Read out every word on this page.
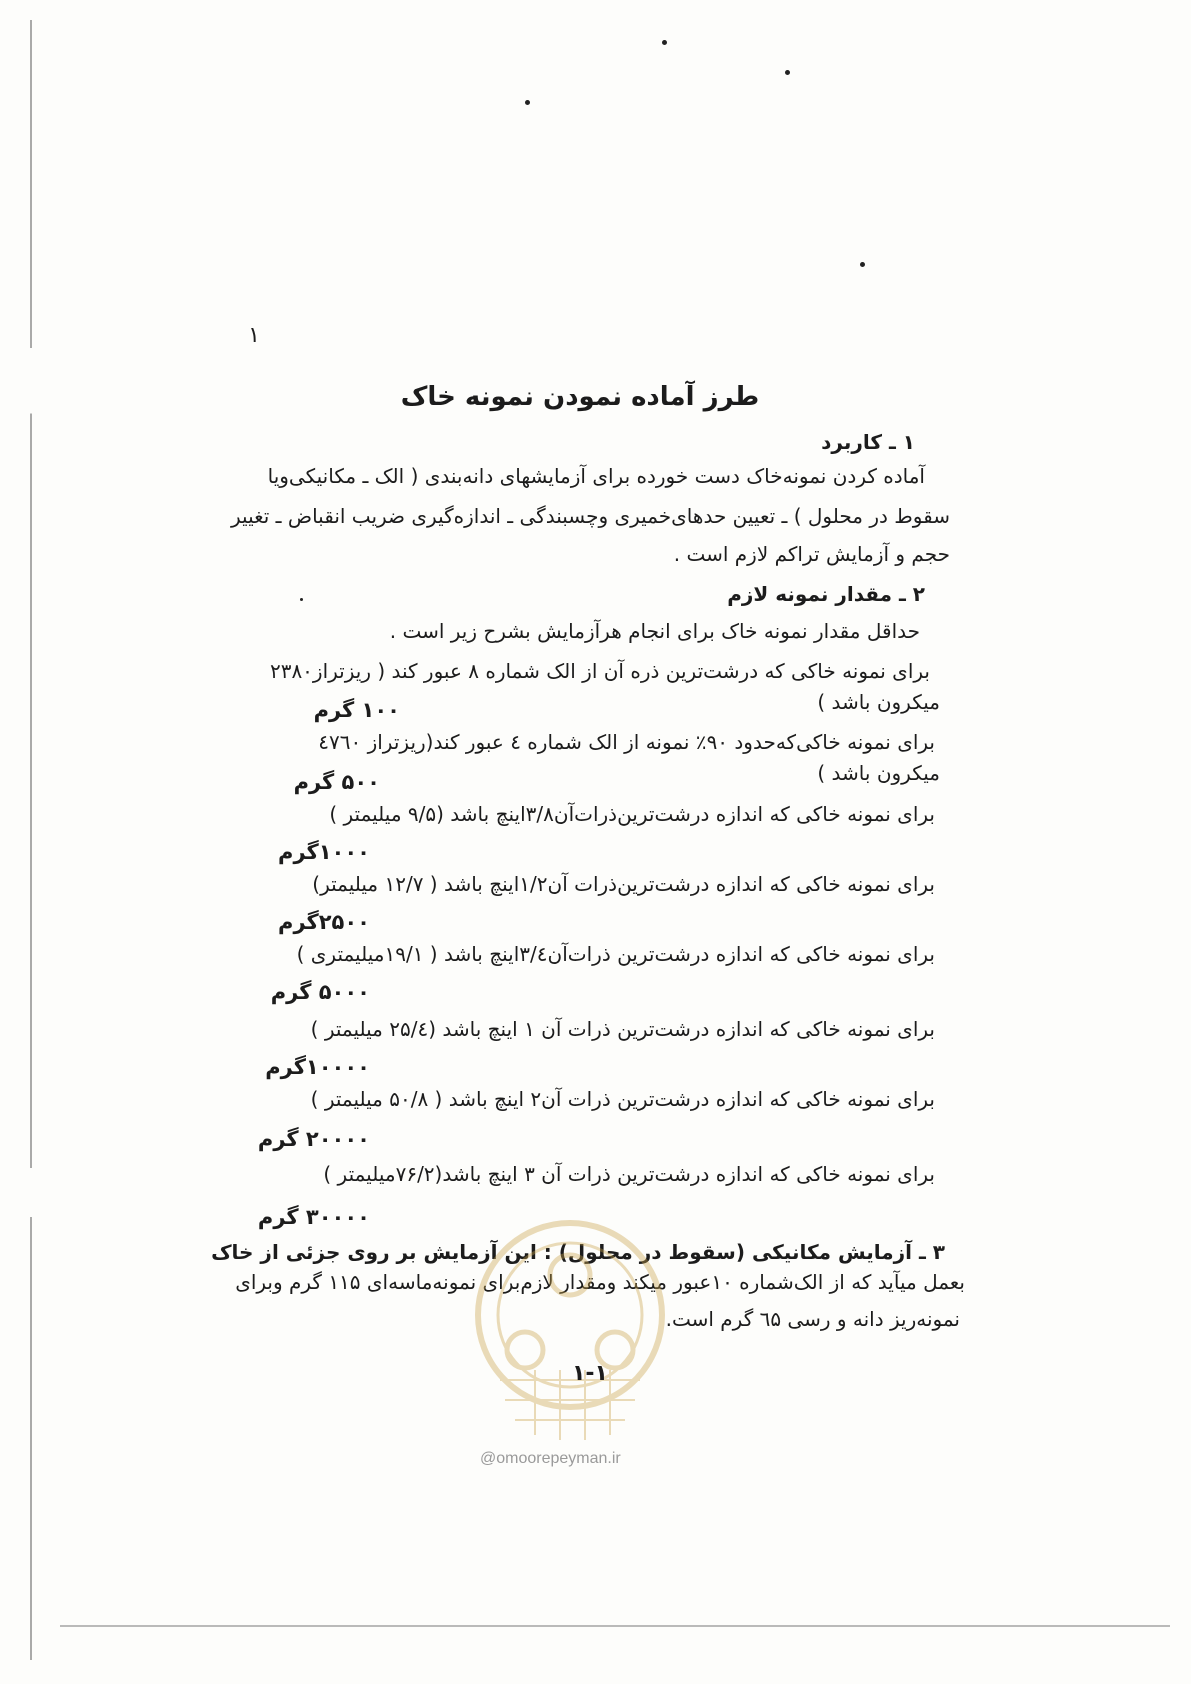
۱
طرز آماده نمودن نمونه خاک
۱ ـ کاربرد
آماده کردن نمونه‌خاک دست خورده برای آزمایشهای دانه‌بندی ( الک ـ مکانیکی‌ویا
سقوط در محلول ) ـ تعیین حدهای‌خمیری وچسبندگی ـ اندازه‌گیری ضریب انقباض ـ تغییر
حجم و آزمایش تراکم لازم است .
۲ ـ مقدار نمونه لازم
حداقل مقدار نمونه خاک برای انجام هرآزمایش بشرح زیر است .
برای نمونه خاکی که درشت‌ترین ذره آن از الک شماره ۸ عبور کند ( ریزتراز۲۳۸۰
میکرون باشد )
۱۰۰ گرم
برای نمونه خاکی‌که‌حدود ۹۰٪ نمونه از الک شماره ٤ عبور کند(ریزتراز ٤٧٦٠
میکرون باشد )
۵۰۰ گرم
برای نمونه خاکی که اندازه درشت‌ترین‌ذرات‌آن۳/۸اینچ باشد (۹/۵ میلیمتر )
۱۰۰۰گرم
برای نمونه خاکی که اندازه درشت‌ترین‌ذرات آن۱/۲اینچ باشد ( ۱۲/۷ میلیمتر)
۲۵۰۰گرم
برای نمونه خاکی که اندازه درشت‌ترین ذرات‌آن۳/٤اینچ باشد ( ۱۹/۱میلیمتری )
۵۰۰۰ گرم
برای نمونه خاکی که اندازه درشت‌ترین ذرات آن ۱ اینچ باشد (۲۵/٤ میلیمتر )
۱۰۰۰۰گرم
برای نمونه خاکی که اندازه درشت‌ترین ذرات آن۲ اینچ باشد ( ۵۰/۸ میلیمتر )
۲۰۰۰۰ گرم
برای نمونه خاکی که اندازه درشت‌ترین ذرات آن ۳ اینچ باشد(۷۶/۲میلیمتر )
۳۰۰۰۰ گرم
۳ ـ آزمایش مکانیکی (سقوط در محلول) : این آزمایش بر روی جزئی از خاک
بعمل میآید که از الک‌شماره ۱۰عبور میکند ومقدار لازم‌برای نمونه‌ماسه‌ای ۱۱۵ گرم وبرای
نمونه‌ریز دانه و رسی ٦۵ گرم است.
۱-۱
@omoorepeyman.ir
